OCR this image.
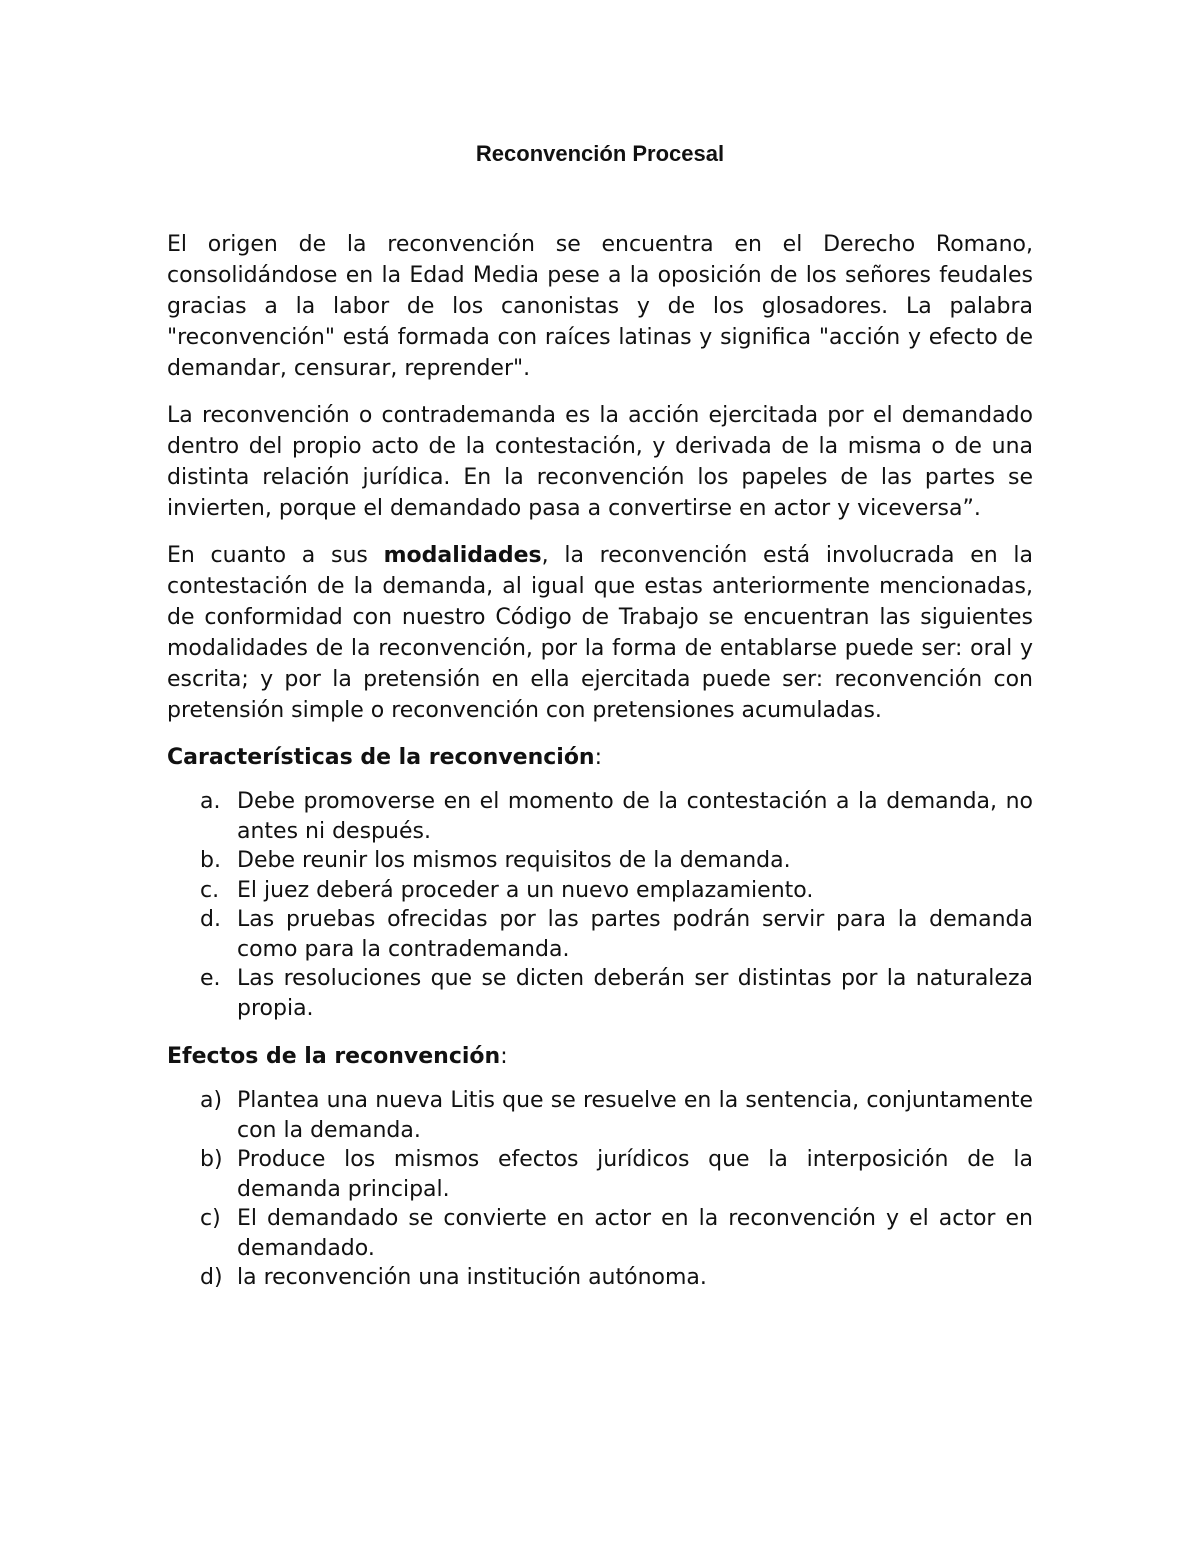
Reconvención Procesal

El origen de la reconvención se encuentra en el Derecho Romano, consolidándose en la Edad Media pese a la oposición de los señores feudales gracias a la labor de los canonistas y de los glosadores. La palabra "reconvención" está formada con raíces latinas y significa "acción y efecto de demandar, censurar, reprender".

La reconvención o contrademanda es la acción ejercitada por el demandado dentro del propio acto de la contestación, y derivada de la misma o de una distinta relación jurídica. En la reconvención los papeles de las partes se invierten, porque el demandado pasa a convertirse en actor y viceversa”.

En cuanto a sus modalidades, la reconvención está involucrada en la contestación de la demanda, al igual que estas anteriormente mencionadas, de conformidad con nuestro Código de Trabajo se encuentran las siguientes modalidades de la reconvención, por la forma de entablarse puede ser: oral y escrita; y por la pretensión en ella ejercitada puede ser: reconvención con pretensión simple o reconvención con pretensiones acumuladas.

Características de la reconvención:
a. Debe promoverse en el momento de la contestación a la demanda, no antes ni después.
b. Debe reunir los mismos requisitos de la demanda.
c. El juez deberá proceder a un nuevo emplazamiento.
d. Las pruebas ofrecidas por las partes podrán servir para la demanda como para la contrademanda.
e. Las resoluciones que se dicten deberán ser distintas por la naturaleza propia.
Efectos de la reconvención:
a) Plantea una nueva Litis que se resuelve en la sentencia, conjuntamente con la demanda.
b) Produce los mismos efectos jurídicos que la interposición de la demanda principal.
c) El demandado se convierte en actor en la reconvención y el actor en demandado.
d) la reconvención una institución autónoma.
